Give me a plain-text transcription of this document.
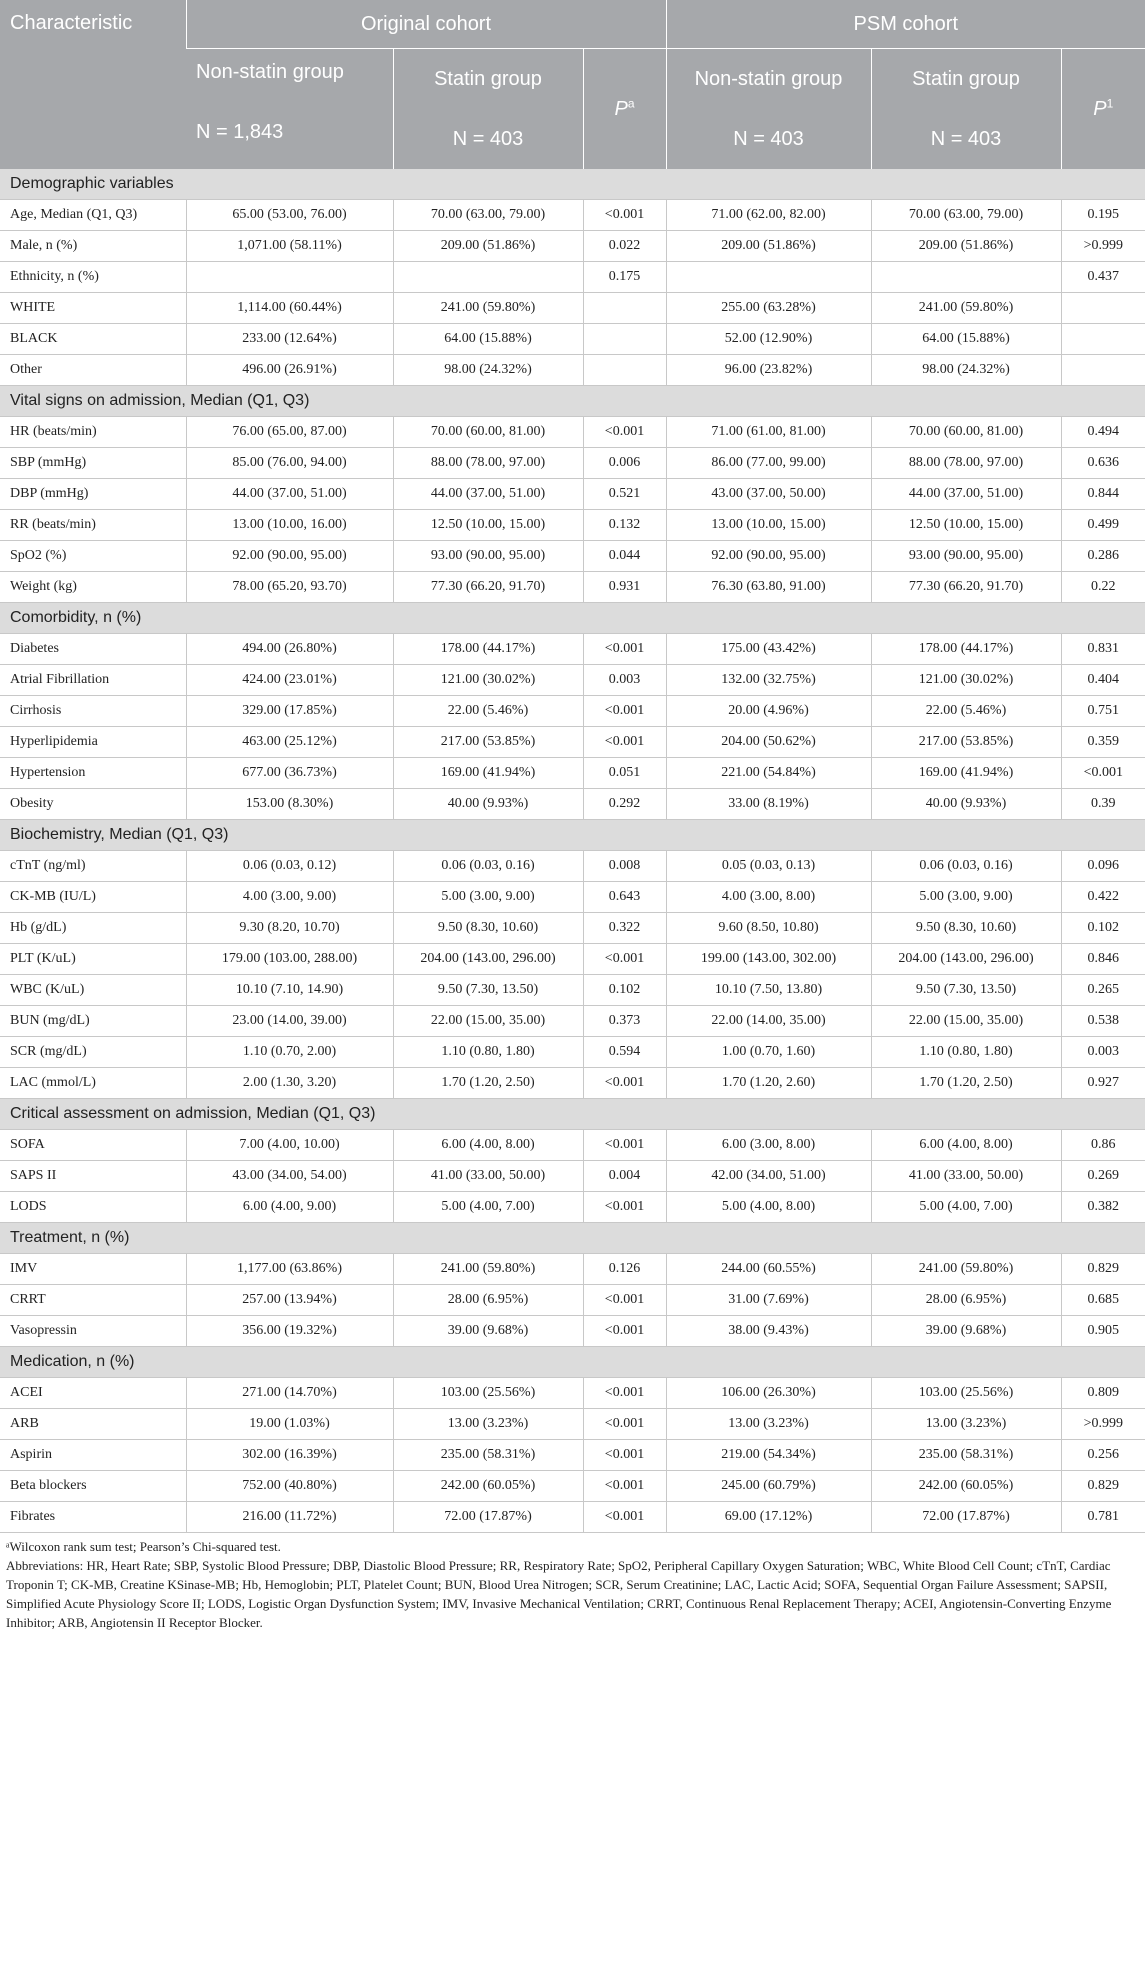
Characteristic	Original cohort			PSM cohort		
	Non-statin group	Statin group	$P^a$	Non-statin group	Statin group	$P^1$
	N = 1,843	N = 403		N = 403	N = 403	
Demographic variables						
Age, Median (Q1, Q3)	65.00 (53.00, 76.00)	70.00 (63.00, 79.00)	<0.001	71.00 (62.00, 82.00)	70.00 (63.00, 79.00)	0.195
Male, n (%)	1,071.00 (58.11%)	209.00 (51.86%)	0.022	209.00 (51.86%)	209.00 (51.86%)	>0.999
Ethnicity, n (%)			0.175			0.437
WHITE	1,114.00 (60.44%)	241.00 (59.80%)		255.00 (63.28%)	241.00 (59.80%)	
BLACK	233.00 (12.64%)	64.00 (15.88%)		52.00 (12.90%)	64.00 (15.88%)	
Other	496.00 (26.91%)	98.00 (24.32%)		96.00 (23.82%)	98.00 (24.32%)	
Vital signs on admission, Median (Q1, Q3)						
HR (beats/min)	76.00 (65.00, 87.00)	70.00 (60.00, 81.00)	<0.001	71.00 (61.00, 81.00)	70.00 (60.00, 81.00)	0.494
SBP (mmHg)	85.00 (76.00, 94.00)	88.00 (78.00, 97.00)	0.006	86.00 (77.00, 99.00)	88.00 (78.00, 97.00)	0.636
DBP (mmHg)	44.00 (37.00, 51.00)	44.00 (37.00, 51.00)	0.521	43.00 (37.00, 50.00)	44.00 (37.00, 51.00)	0.844
RR (beats/min)	13.00 (10.00, 16.00)	12.50 (10.00, 15.00)	0.132	13.00 (10.00, 15.00)	12.50 (10.00, 15.00)	0.499
SpO2 (%)	92.00 (90.00, 95.00)	93.00 (90.00, 95.00)	0.044	92.00 (90.00, 95.00)	93.00 (90.00, 95.00)	0.286
Weight (kg)	78.00 (65.20, 93.70)	77.30 (66.20, 91.70)	0.931	76.30 (63.80, 91.00)	77.30 (66.20, 91.70)	0.22
Comorbidity, n (%)						
Diabetes	494.00 (26.80%)	178.00 (44.17%)	<0.001	175.00 (43.42%)	178.00 (44.17%)	0.831
Atrial Fibrillation	424.00 (23.01%)	121.00 (30.02%)	0.003	132.00 (32.75%)	121.00 (30.02%)	0.404
Cirrhosis	329.00 (17.85%)	22.00 (5.46%)	<0.001	20.00 (4.96%)	22.00 (5.46%)	0.751
Hyperlipidemia	463.00 (25.12%)	217.00 (53.85%)	<0.001	204.00 (50.62%)	217.00 (53.85%)	0.359
Hypertension	677.00 (36.73%)	169.00 (41.94%)	0.051	221.00 (54.84%)	169.00 (41.94%)	<0.001
Obesity	153.00 (8.30%)	40.00 (9.93%)	0.292	33.00 (8.19%)	40.00 (9.93%)	0.39
Biochemistry, Median (Q1, Q3)						
cTnT (ng/ml)	0.06 (0.03, 0.12)	0.06 (0.03, 0.16)	0.008	0.05 (0.03, 0.13)	0.06 (0.03, 0.16)	0.096
CK-MB (IU/L)	4.00 (3.00, 9.00)	5.00 (3.00, 9.00)	0.643	4.00 (3.00, 8.00)	5.00 (3.00, 9.00)	0.422
Hb (g/dL)	9.30 (8.20, 10.70)	9.50 (8.30, 10.60)	0.322	9.60 (8.50, 10.80)	9.50 (8.30, 10.60)	0.102
PLT (K/uL)	179.00 (103.00, 288.00)	204.00 (143.00, 296.00)	<0.001	199.00 (143.00, 302.00)	204.00 (143.00, 296.00)	0.846
WBC (K/uL)	10.10 (7.10, 14.90)	9.50 (7.30, 13.50)	0.102	10.10 (7.50, 13.80)	9.50 (7.30, 13.50)	0.265
BUN (mg/dL)	23.00 (14.00, 39.00)	22.00 (15.00, 35.00)	0.373	22.00 (14.00, 35.00)	22.00 (15.00, 35.00)	0.538
SCR (mg/dL)	1.10 (0.70, 2.00)	1.10 (0.80, 1.80)	0.594	1.00 (0.70, 1.60)	1.10 (0.80, 1.80)	0.003
LAC (mmol/L)	2.00 (1.30, 3.20)	1.70 (1.20, 2.50)	<0.001	1.70 (1.20, 2.60)	1.70 (1.20, 2.50)	0.927
Critical assessment on admission, Median (Q1, Q3)						
SOFA	7.00 (4.00, 10.00)	6.00 (4.00, 8.00)	<0.001	6.00 (3.00, 8.00)	6.00 (4.00, 8.00)	0.86
SAPS II	43.00 (34.00, 54.00)	41.00 (33.00, 50.00)	0.004	42.00 (34.00, 51.00)	41.00 (33.00, 50.00)	0.269
LODS	6.00 (4.00, 9.00)	5.00 (4.00, 7.00)	<0.001	5.00 (4.00, 8.00)	5.00 (4.00, 7.00)	0.382
Treatment, n (%)						
IMV	1,177.00 (63.86%)	241.00 (59.80%)	0.126	244.00 (60.55%)	241.00 (59.80%)	0.829
CRRT	257.00 (13.94%)	28.00 (6.95%)	<0.001	31.00 (7.69%)	28.00 (6.95%)	0.685
Vasopressin	356.00 (19.32%)	39.00 (9.68%)	<0.001	38.00 (9.43%)	39.00 (9.68%)	0.905
Medication, n (%)						
ACEI	271.00 (14.70%)	103.00 (25.56%)	<0.001	106.00 (26.30%)	103.00 (25.56%)	0.809
ARB	19.00 (1.03%)	13.00 (3.23%)	<0.001	13.00 (3.23%)	13.00 (3.23%)	>0.999
Aspirin	302.00 (16.39%)	235.00 (58.31%)	<0.001	219.00 (54.34%)	235.00 (58.31%)	0.256
Beta blockers	752.00 (40.80%)	242.00 (60.05%)	<0.001	245.00 (60.79%)	242.00 (60.05%)	0.829
Fibrates	216.00 (11.72%)	72.00 (17.87%)	<0.001	69.00 (17.12%)	72.00 (17.87%)	0.781

ᵃWilcoxon rank sum test; Pearson’s Chi-squared test.

Abbreviations: HR, Heart Rate; SBP, Systolic Blood Pressure; DBP, Diastolic Blood Pressure; RR, Respiratory Rate; SpO2, Peripheral Capillary Oxygen Saturation; WBC, White Blood Cell Count; cTnT, Cardiac Troponin T; CK-MB, Creatine KSinase-MB; Hb, Hemoglobin; PLT, Platelet Count; BUN, Blood Urea Nitrogen; SCR, Serum Creatinine; LAC, Lactic Acid; SOFA, Sequential Organ Failure Assessment; SAPSII, Simplified Acute Physiology Score II; LODS, Logistic Organ Dysfunction System; IMV, Invasive Mechanical Ventilation; CRRT, Continuous Renal Replacement Therapy; ACEI, Angiotensin-Converting Enzyme Inhibitor; ARB, Angiotensin II Receptor Blocker.
